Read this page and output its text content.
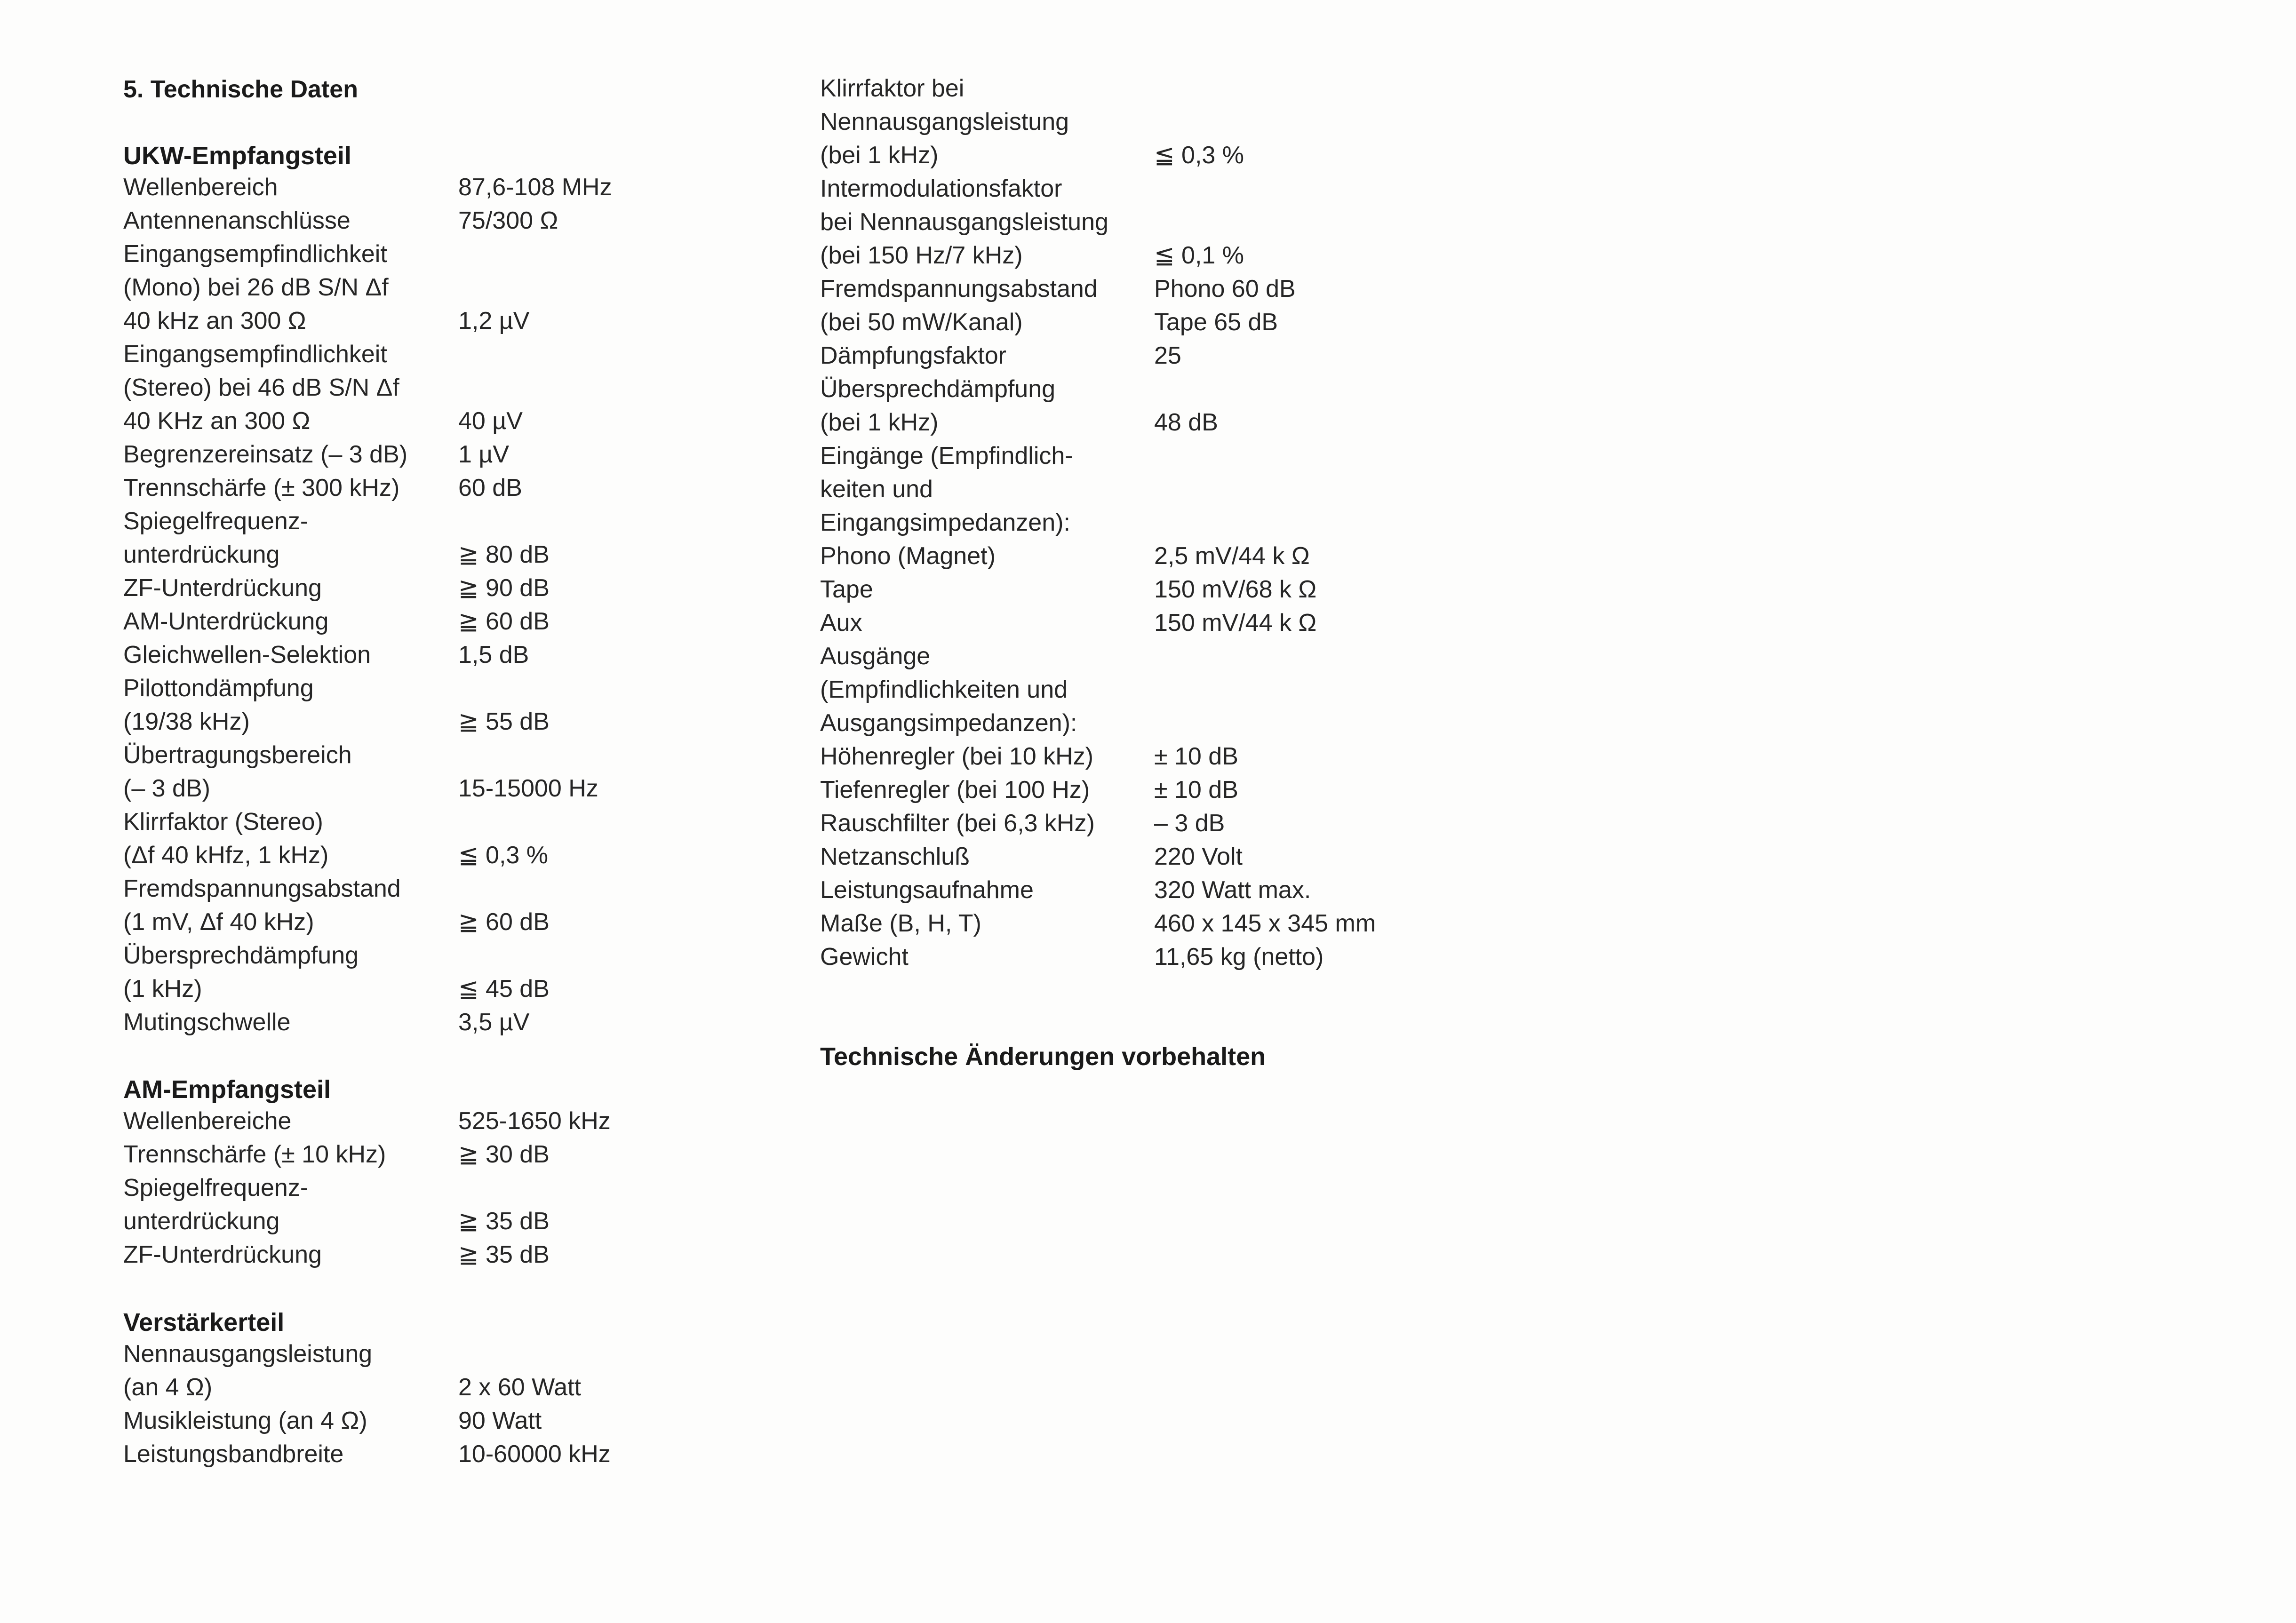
5. Technische Daten
UKW-Empfangsteil
Wellenbereich	87,6-108 MHz
Antennenanschlüsse	75/300 Ω
Eingangsempfindlichkeit
(Mono) bei 26 dB S/N Δf
40 kHz an 300 Ω	1,2 µV
Eingangsempfindlichkeit
(Stereo) bei 46 dB S/N Δf
40 KHz an 300 Ω	40 µV
Begrenzereinsatz (– 3 dB) 1 µV
Trennschärfe (± 300 kHz) 60 dB
Spiegelfrequenz-
unterdrückung	≧ 80 dB
ZF-Unterdrückung	≧ 90 dB
AM-Unterdrückung	≧ 60 dB
Gleichwellen-Selektion	1,5 dB
Pilottondämpfung
(19/38 kHz)	≧ 55 dB
Übertragungsbereich
(– 3 dB)	15-15000 Hz
Klirrfaktor (Stereo)
(Δf 40 kHfz, 1 kHz)	≦ 0,3 %
Fremdspannungsabstand
(1 mV, Δf 40 kHz)	≧ 60 dB
Übersprechdämpfung
(1 kHz)	≦ 45 dB
Mutingschwelle	3,5 µV
AM-Empfangsteil
Wellenbereiche	525-1650 kHz
Trennschärfe (± 10 kHz)	≧ 30 dB
Spiegelfrequenz-
unterdrückung	≧ 35 dB
ZF-Unterdrückung	≧ 35 dB
Verstärkerteil
Nennausgangsleistung
(an 4 Ω)	2 x 60 Watt
Musikleistung (an 4 Ω)	90 Watt
Leistungsbandbreite	10-60000 kHz
Technische Änderungen vorbehalten
Klirrfaktor bei
Nennausgangsleistung
(bei 1 kHz)	≦ 0,3 %
Intermodulationsfaktor
bei Nennausgangsleistung
(bei 150 Hz/7 kHz)	≦ 0,1 %
Fremdspannungsabstand Phono 60 dB
(bei 50 mW/Kanal)	Tape 65 dB
Dämpfungsfaktor	25
Übersprechdämpfung
(bei 1 kHz)	48 dB
Eingänge (Empfindlich-
keiten und
Eingangsimpedanzen):
Phono (Magnet)	2,5 mV/44 k Ω
Tape	150 mV/68 k Ω
Aux	150 mV/44 k Ω
Ausgänge
(Empfindlichkeiten und
Ausgangsimpedanzen):
Höhenregler (bei 10 kHz) ± 10 dB
Tiefenregler (bei 100 Hz)	± 10 dB
Rauschfilter (bei 6,3 kHz) – 3 dB
Netzanschluß	220 Volt
Leistungsaufnahme	320 Watt max.
Maße (B, H, T)	460 x 145 x 345 mm
Gewicht	11,65 kg (netto)
